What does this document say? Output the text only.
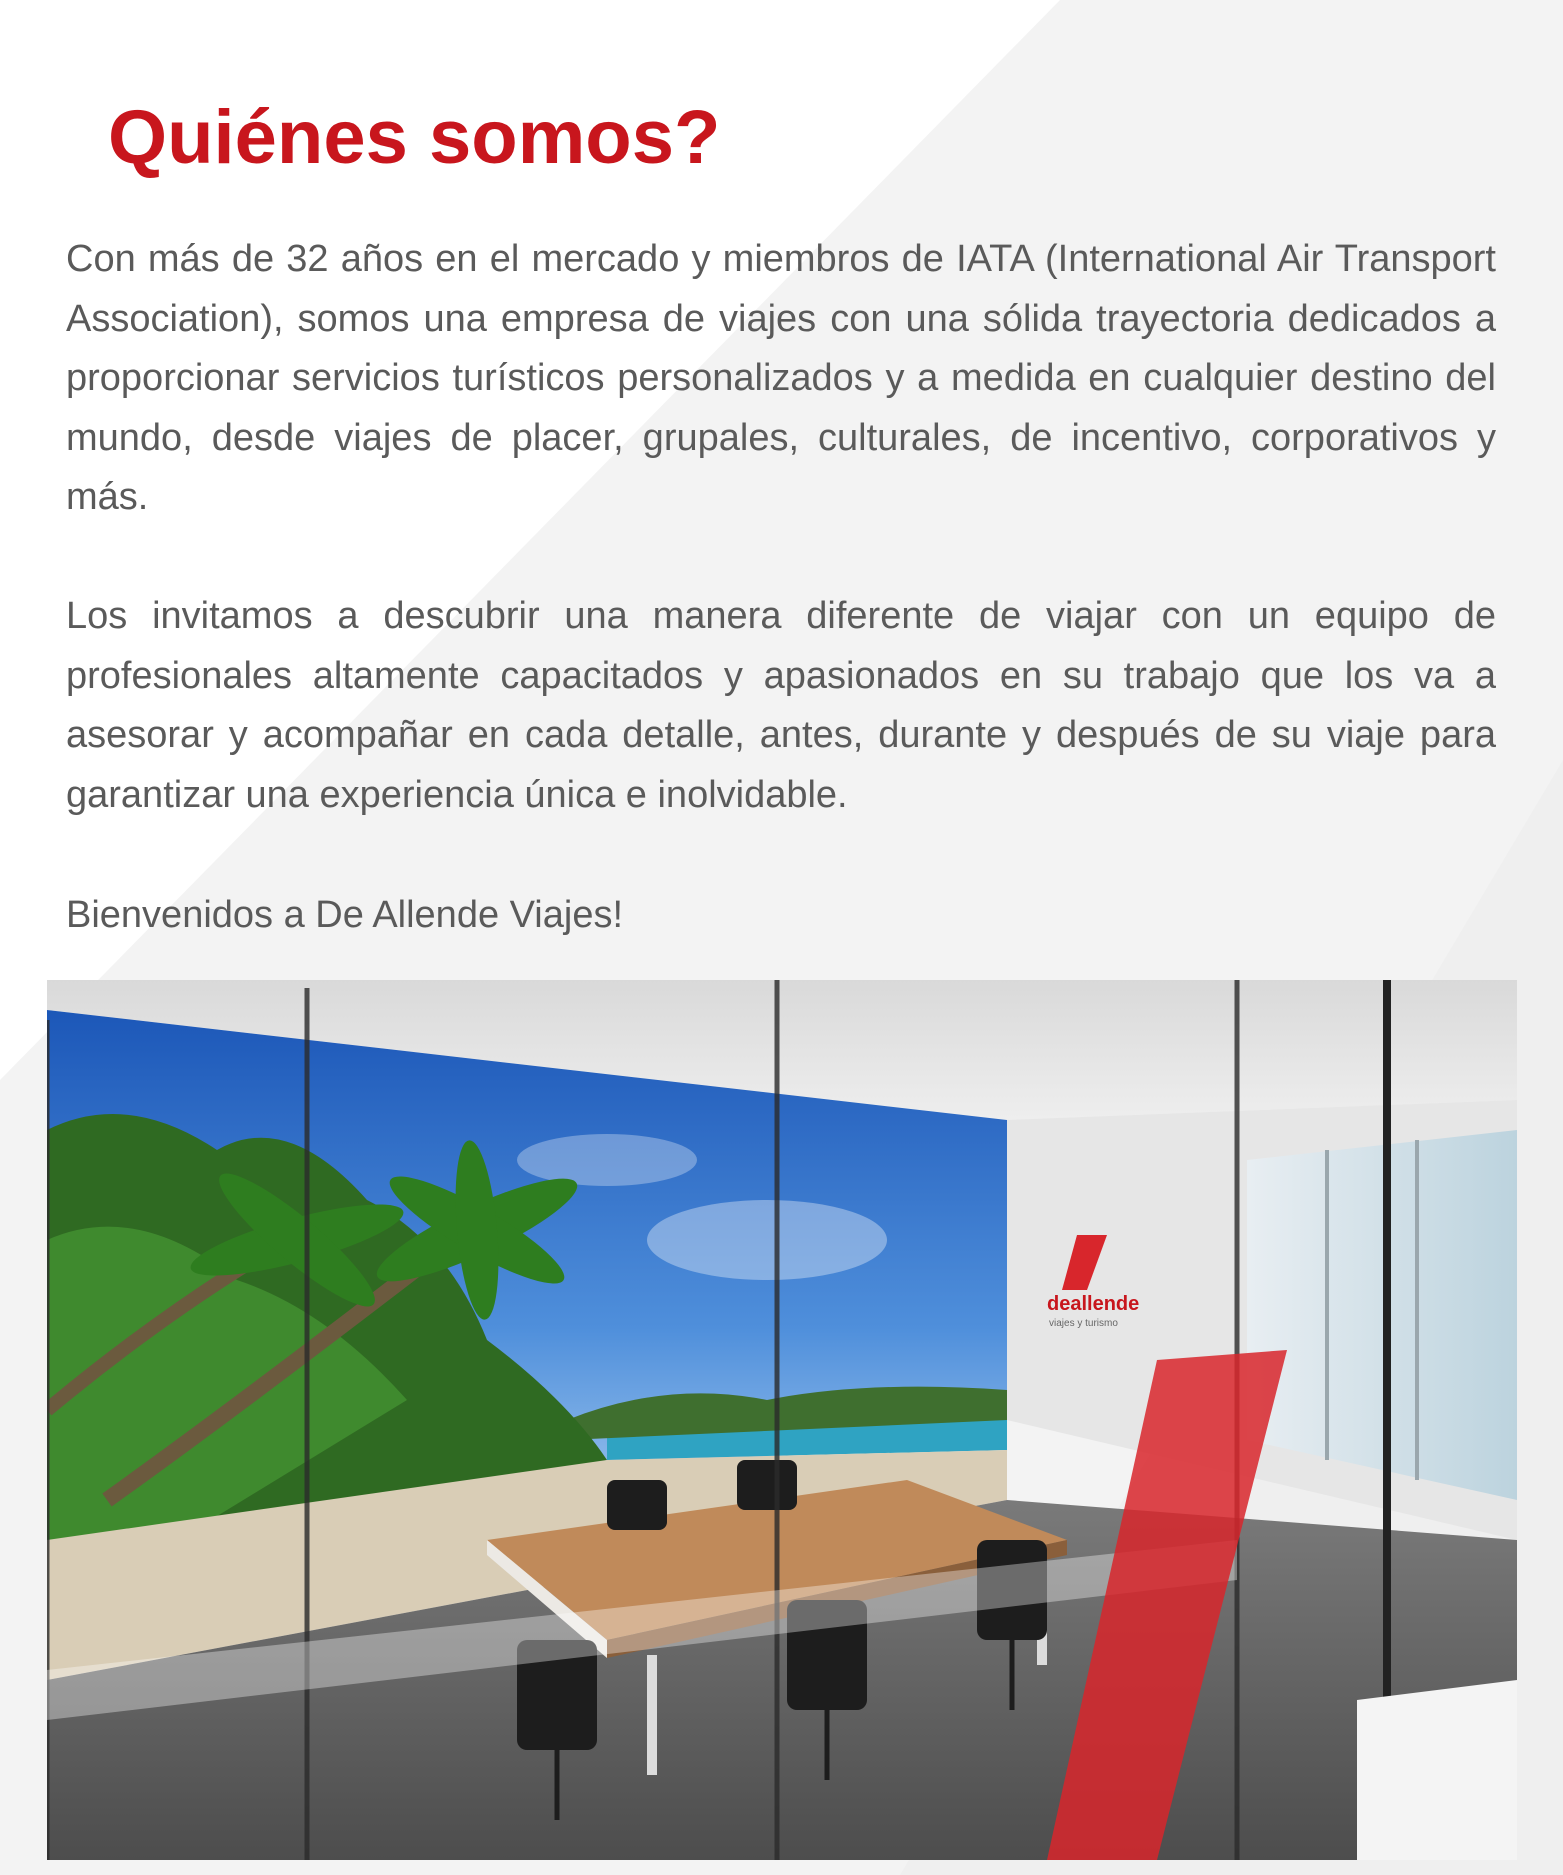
Quiénes somos?

Con más de 32 años en el mercado y miembros de IATA (International Air Transport Association), somos una empresa de viajes con una sólida trayectoria dedicados a proporcionar servicios turísticos personalizados y a medida en cualquier destino del mundo, desde viajes de placer, grupales, culturales, de incentivo, corporativos y más.

Los invitamos a descubrir una manera diferente de viajar con un equipo de profesionales altamente capacitados y apasionados en su trabajo que los va a asesorar y acompañar en cada detalle, antes, durante y después de su viaje para garantizar una experiencia única e inolvidable.

Bienvenidos a De Allende Viajes!

deallende
viajes y turismo
